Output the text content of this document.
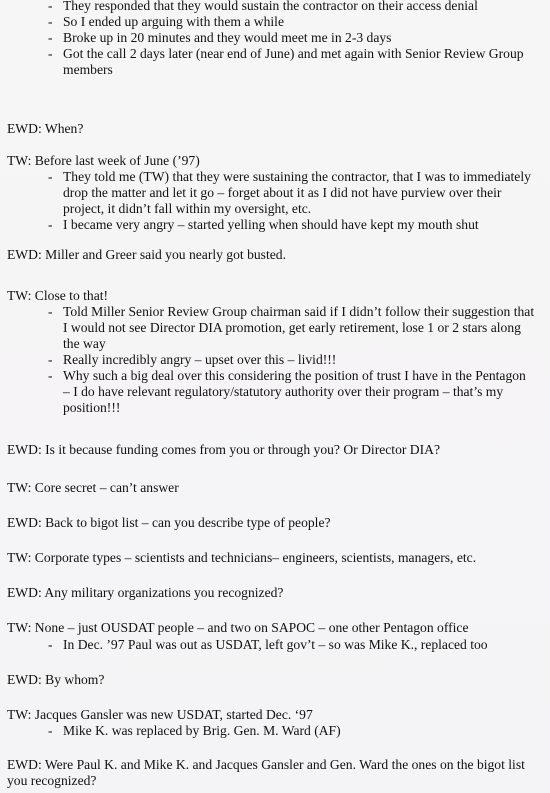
- They responded that they would sustain the contractor on their access denial
- So I ended up arguing with them a while
- Broke up in 20 minutes and they would meet me in 2-3 days
- Got the call 2 days later (near end of June) and met again with Senior Review Group members

EWD: When?

TW: Before last week of June (’97)

- They told me (TW) that they were sustaining the contractor, that I was to immediately drop the matter and let it go – forget about it as I did not have purview over their project, it didn’t fall within my oversight, etc.
- I became very angry – started yelling when should have kept my mouth shut

EWD: Miller and Greer said you nearly got busted.

TW: Close to that!

- Told Miller Senior Review Group chairman said if I didn’t follow their suggestion that I would not see Director DIA promotion, get early retirement, lose 1 or 2 stars along the way
- Really incredibly angry – upset over this – livid!!!
- Why such a big deal over this considering the position of trust I have in the Pentagon – I do have relevant regulatory/statutory authority over their program – that’s my position!!!

EWD: Is it because funding comes from you or through you? Or Director DIA?

TW: Core secret – can’t answer

EWD: Back to bigot list – can you describe type of people?

TW: Corporate types – scientists and technicians– engineers, scientists, managers, etc.

EWD: Any military organizations you recognized?

TW: None – just OUSDAT people – and two on SAPOC – one other Pentagon office

- In Dec. ’97 Paul was out as USDAT, left gov’t – so was Mike K., replaced too

EWD: By whom?

TW: Jacques Gansler was new USDAT, started Dec. ‘97

- Mike K. was replaced by Brig. Gen. M. Ward (AF)

EWD: Were Paul K. and Mike K. and Jacques Gansler and Gen. Ward the ones on the bigot list you recognized?
